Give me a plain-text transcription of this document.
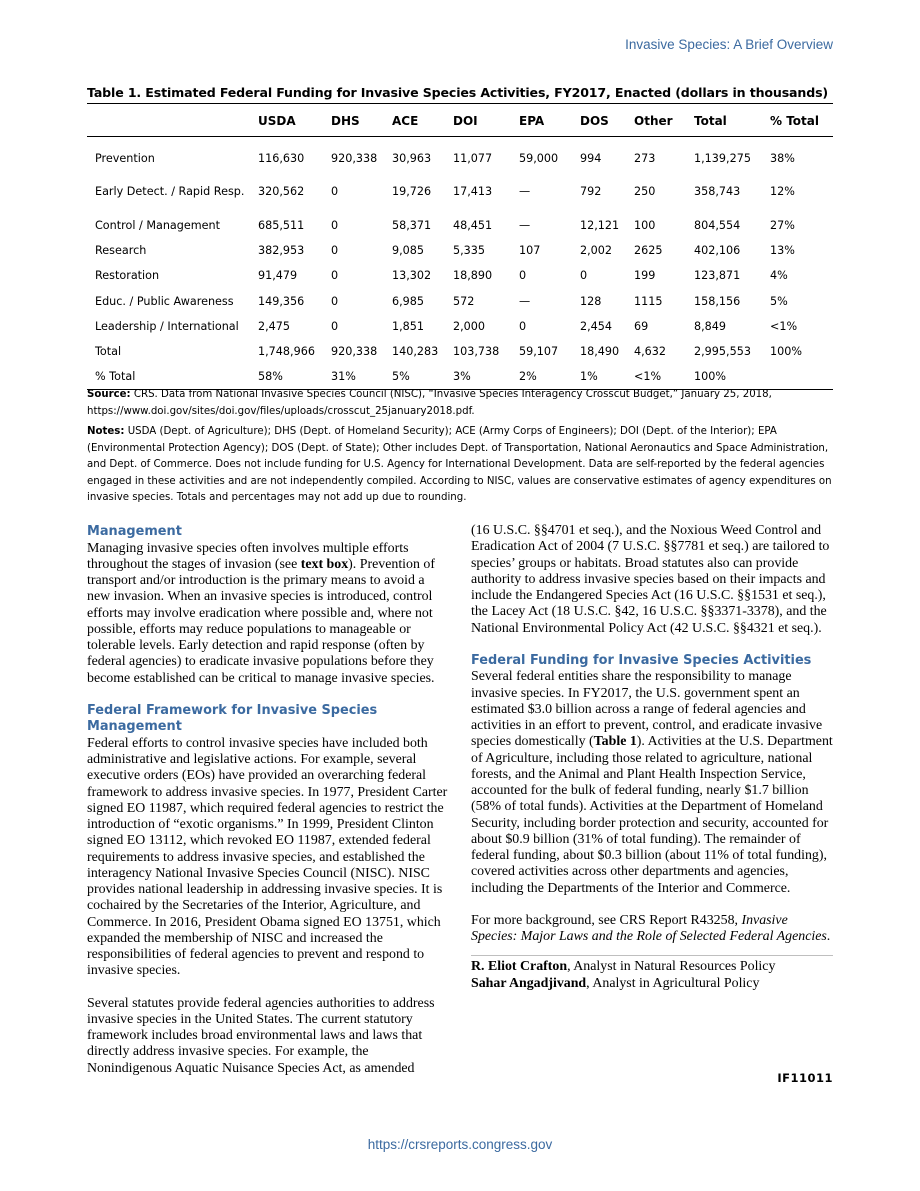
Invasive Species: A Brief Overview
Table 1. Estimated Federal Funding for Invasive Species Activities, FY2017, Enacted (dollars in thousands)
	USDA	DHS	ACE	DOI	EPA	DOS	Other	Total	% Total
Prevention	116,630	920,338	30,963	11,077	59,000	994	273	1,139,275	38%
Early Detect. / Rapid Resp.	320,562	0	19,726	17,413	—	792	250	358,743	12%
Control / Management	685,511	0	58,371	48,451	—	12,121	100	804,554	27%
Research	382,953	0	9,085	5,335	107	2,002	2625	402,106	13%
Restoration	91,479	0	13,302	18,890	0	0	199	123,871	4%
Educ. / Public Awareness	149,356	0	6,985	572	—	128	1115	158,156	5%
Leadership / International	2,475	0	1,851	2,000	0	2,454	69	8,849	<1%
Total	1,748,966	920,338	140,283	103,738	59,107	18,490	4,632	2,995,553	100%
% Total	58%	31%	5%	3%	2%	1%	<1%	100%	
Source: CRS. Data from National Invasive Species Council (NISC), “Invasive Species Interagency Crosscut Budget,” January 25, 2018, https://www.doi.gov/sites/doi.gov/files/uploads/crosscut_25january2018.pdf.
Notes: USDA (Dept. of Agriculture); DHS (Dept. of Homeland Security); ACE (Army Corps of Engineers); DOI (Dept. of the Interior); EPA (Environmental Protection Agency); DOS (Dept. of State); Other includes Dept. of Transportation, National Aeronautics and Space Administration, and Dept. of Commerce. Does not include funding for U.S. Agency for International Development. Data are self-reported by the federal agencies engaged in these activities and are not independently compiled. According to NISC, values are conservative estimates of agency expenditures on invasive species. Totals and percentages may not add up due to rounding.
Management

Managing invasive species often involves multiple efforts throughout the stages of invasion (see text box). Prevention of transport and/or introduction is the primary means to avoid a new invasion. When an invasive species is introduced, control efforts may involve eradication where possible and, where not possible, efforts may reduce populations to manageable or tolerable levels. Early detection and rapid response (often by federal agencies) to eradicate invasive populations before they become established can be critical to manage invasive species.

Federal Framework for Invasive Species Management

Federal efforts to control invasive species have included both administrative and legislative actions. For example, several executive orders (EOs) have provided an overarching federal framework to address invasive species. In 1977, President Carter signed EO 11987, which required federal agencies to restrict the introduction of “exotic organisms.” In 1999, President Clinton signed EO 13112, which revoked EO 11987, extended federal requirements to address invasive species, and established the interagency National Invasive Species Council (NISC). NISC provides national leadership in addressing invasive species. It is cochaired by the Secretaries of the Interior, Agriculture, and Commerce. In 2016, President Obama signed EO 13751, which expanded the membership of NISC and increased the responsibilities of federal agencies to prevent and respond to invasive species.

Several statutes provide federal agencies authorities to address invasive species in the United States. The current statutory framework includes broad environmental laws and laws that directly address invasive species. For example, the Nonindigenous Aquatic Nuisance Species Act, as amended

(16 U.S.C. §§4701 et seq.), and the Noxious Weed Control and Eradication Act of 2004 (7 U.S.C. §§7781 et seq.) are tailored to species’ groups or habitats. Broad statutes also can provide authority to address invasive species based on their impacts and include the Endangered Species Act (16 U.S.C. §§1531 et seq.), the Lacey Act (18 U.S.C. §42, 16 U.S.C. §§3371-3378), and the National Environmental Policy Act (42 U.S.C. §§4321 et seq.).

Federal Funding for Invasive Species Activities

Several federal entities share the responsibility to manage invasive species. In FY2017, the U.S. government spent an estimated $3.0 billion across a range of federal agencies and activities in an effort to prevent, control, and eradicate invasive species domestically (Table 1). Activities at the U.S. Department of Agriculture, including those related to agriculture, national forests, and the Animal and Plant Health Inspection Service, accounted for the bulk of federal funding, nearly $1.7 billion (58% of total funds). Activities at the Department of Homeland Security, including border protection and security, accounted for about $0.9 billion (31% of total funding). The remainder of federal funding, about $0.3 billion (about 11% of total funding), covered activities across other departments and agencies, including the Departments of the Interior and Commerce.

For more background, see CRS Report R43258, Invasive Species: Major Laws and the Role of Selected Federal Agencies.

R. Eliot Crafton, Analyst in Natural Resources Policy

Sahar Angadjivand, Analyst in Agricultural Policy

IF11011
https://crsreports.congress.gov
